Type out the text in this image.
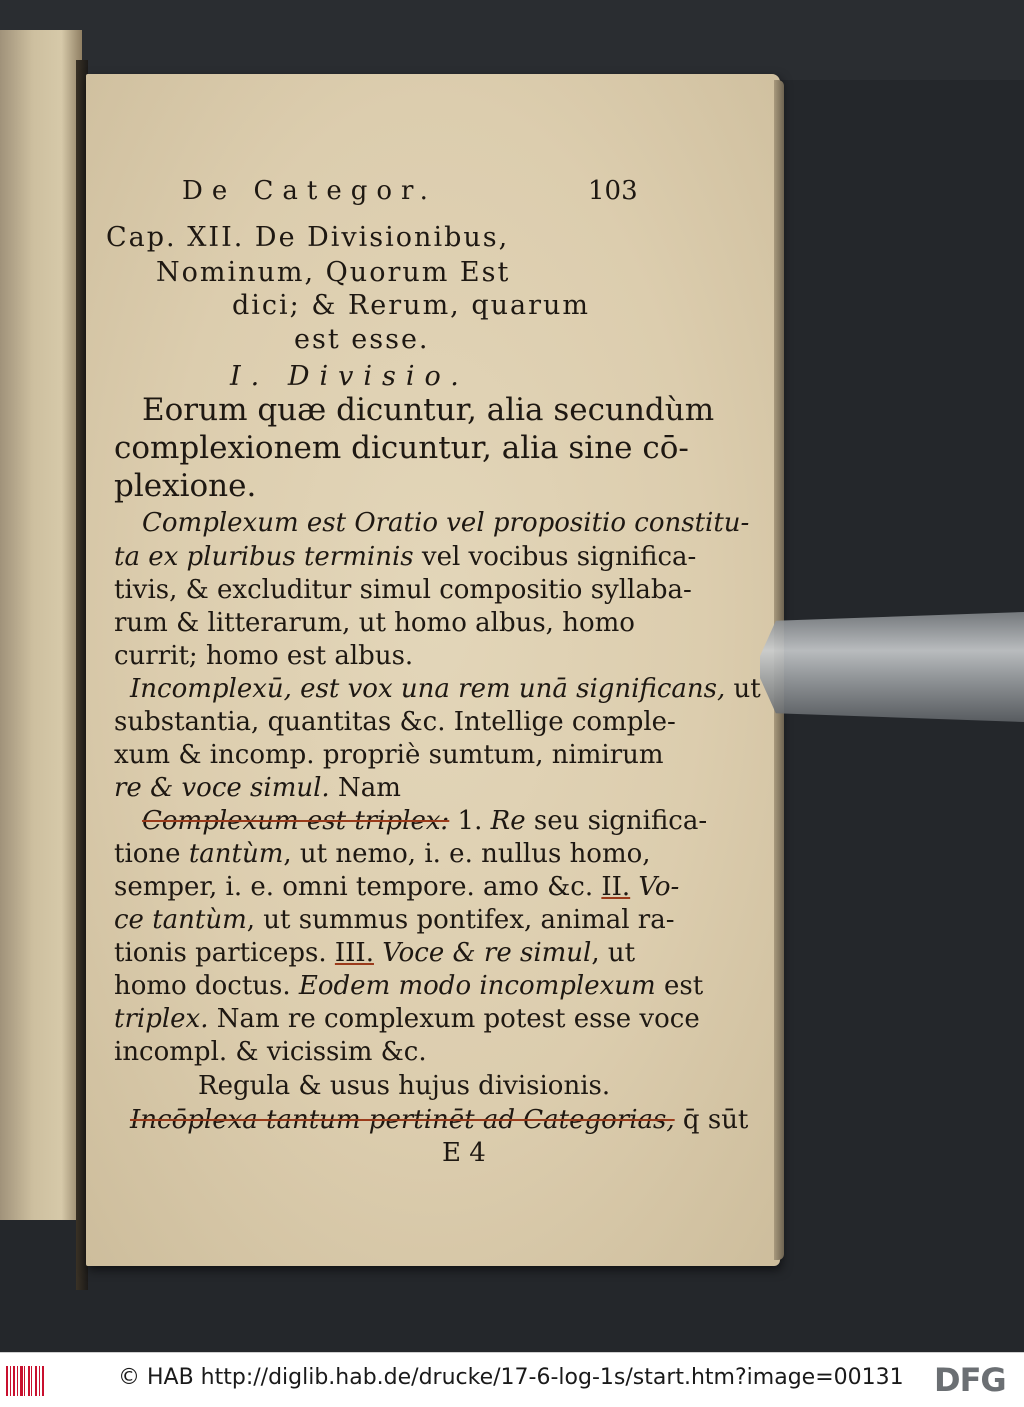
De Categor.	103
Cap. XII. De Divisionibus,
Nominum, Quorum Est
dici; & Rerum, quarum
est esse.
I. Divisio.
Eorum quæ dicuntur, alia secundùm
complexionem dicuntur, alia sine cō-
plexione.
Complexum est Oratio vel propositio constitu-
ta ex pluribus terminis vel vocibus significa-
tivis, & excluditur simul compositio syllaba-
rum & litterarum, ut homo albus, homo
currit; homo est albus.
Incomplexū, est vox una rem unā significans, ut
substantia, quantitas &c. Intellige comple-
xum & incomp. propriè sumtum, nimirum
re & voce simul. Nam
Complexum est triplex: 1. Re seu significa-
tione tantùm, ut nemo, i. e. nullus homo,
semper, i. e. omni tempore. amo &c. II. Vo-
ce tantùm, ut summus pontifex, animal ra-
tionis particeps. III. Voce & re simul, ut
homo doctus. Eodem modo incomplexum est
triplex. Nam re complexum potest esse voce
incompl. & vicissim &c.
Regula & usus hujus divisionis.
Incōplexa tantum pertinēt ad Categorias, q̄ sūt
E 4
© HAB http://diglib.hab.de/drucke/17-6-log-1s/start.htm?image=00131 DFG
